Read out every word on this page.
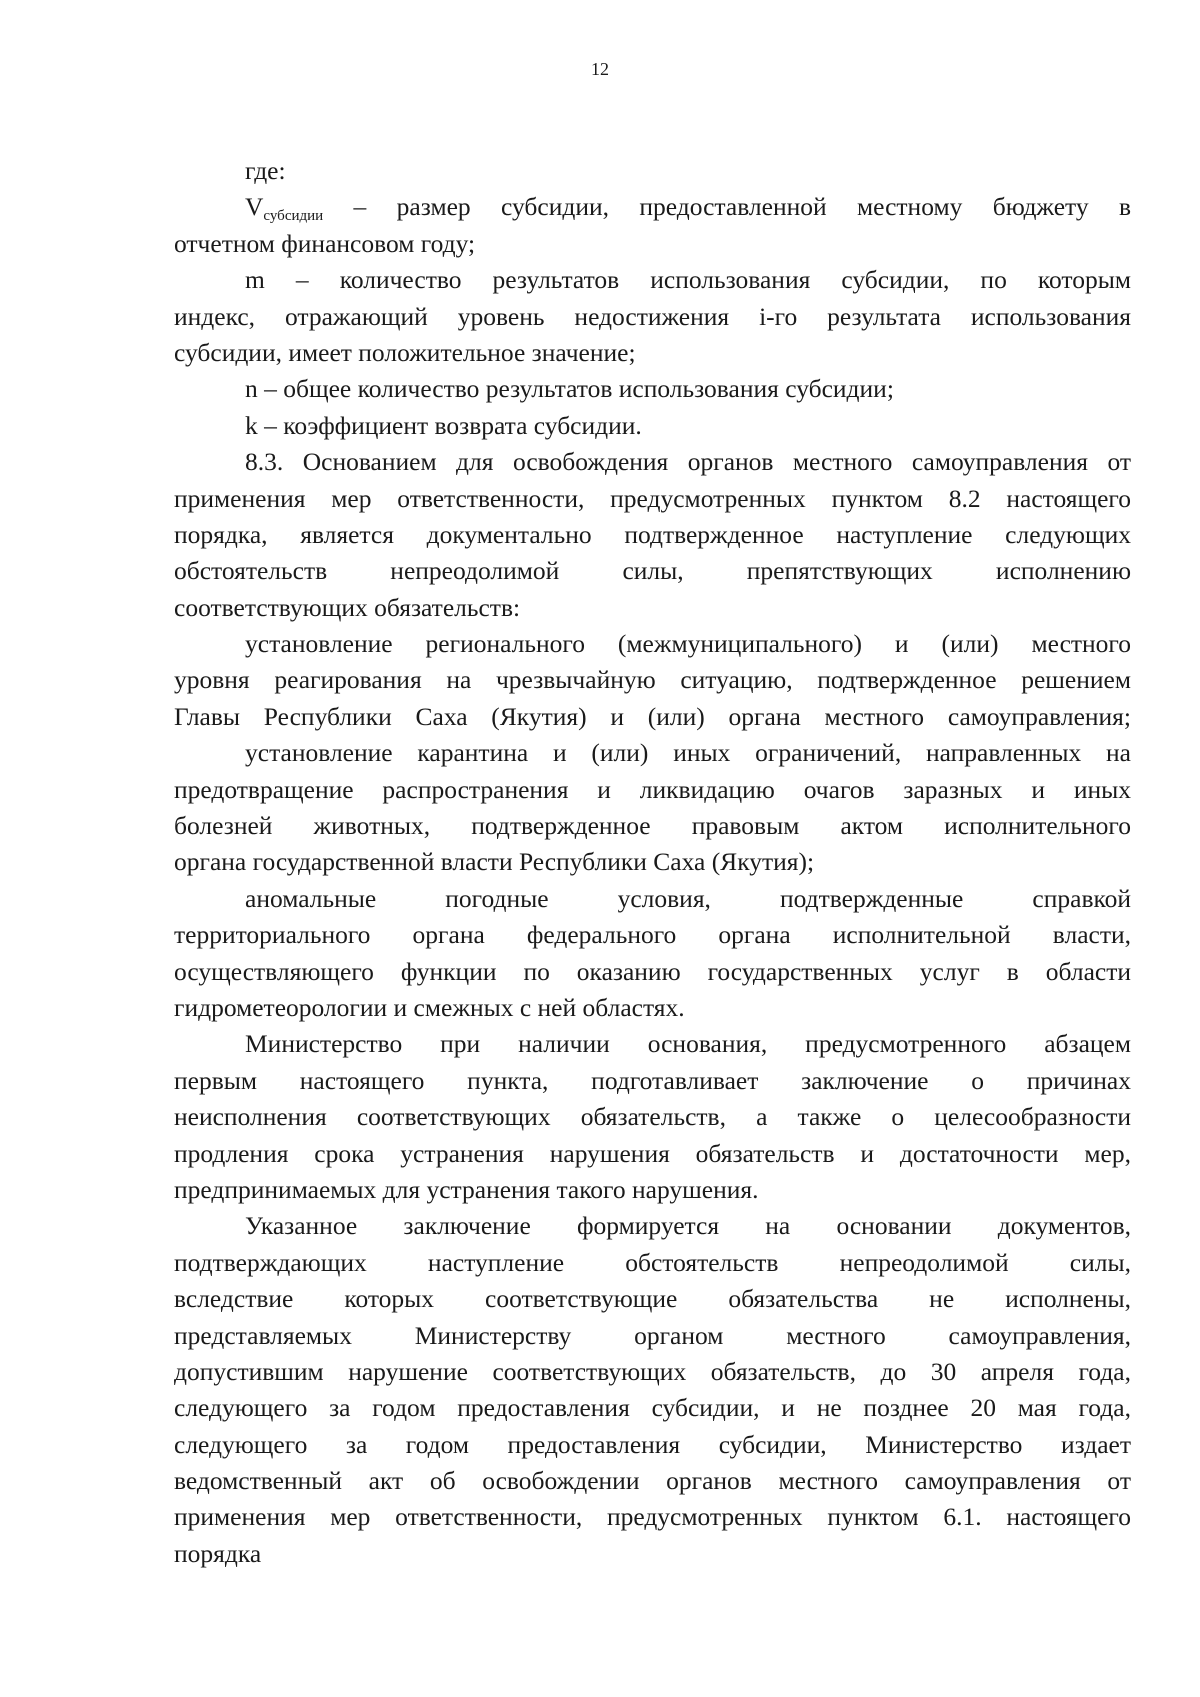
12
где:
Vсубсидии – размер субсидии, предоставленной местному бюджету в
отчетном финансовом году;
m – количество результатов использования субсидии, по которым
индекс, отражающий уровень недостижения i-го результата использования
субсидии, имеет положительное значение;
n – общее количество результатов использования субсидии;
k – коэффициент возврата субсидии.
8.3. Основанием для освобождения органов местного самоуправления от
применения мер ответственности, предусмотренных пунктом 8.2 настоящего
порядка, является документально подтвержденное наступление следующих
обстоятельств непреодолимой силы, препятствующих исполнению
соответствующих обязательств:
установление регионального (межмуниципального) и (или) местного
уровня реагирования на чрезвычайную ситуацию, подтвержденное решением
Главы Республики Саха (Якутия) и (или) органа местного самоуправления;
установление карантина и (или) иных ограничений, направленных на
предотвращение распространения и ликвидацию очагов заразных и иных
болезней животных, подтвержденное правовым актом исполнительного
органа государственной власти Республики Саха (Якутия);
аномальные погодные условия, подтвержденные справкой
территориального органа федерального органа исполнительной власти,
осуществляющего функции по оказанию государственных услуг в области
гидрометеорологии и смежных с ней областях.
Министерство при наличии основания, предусмотренного абзацем
первым настоящего пункта, подготавливает заключение о причинах
неисполнения соответствующих обязательств, а также о целесообразности
продления срока устранения нарушения обязательств и достаточности мер,
предпринимаемых для устранения такого нарушения.
Указанное заключение формируется на основании документов,
подтверждающих наступление обстоятельств непреодолимой силы,
вследствие которых соответствующие обязательства не исполнены,
представляемых Министерству органом местного самоуправления,
допустившим нарушение соответствующих обязательств, до 30 апреля года,
следующего за годом предоставления субсидии, и не позднее 20 мая года,
следующего за годом предоставления субсидии, Министерство издает
ведомственный акт об освобождении органов местного самоуправления от
применения мер ответственности, предусмотренных пунктом 6.1. настоящего
порядка
